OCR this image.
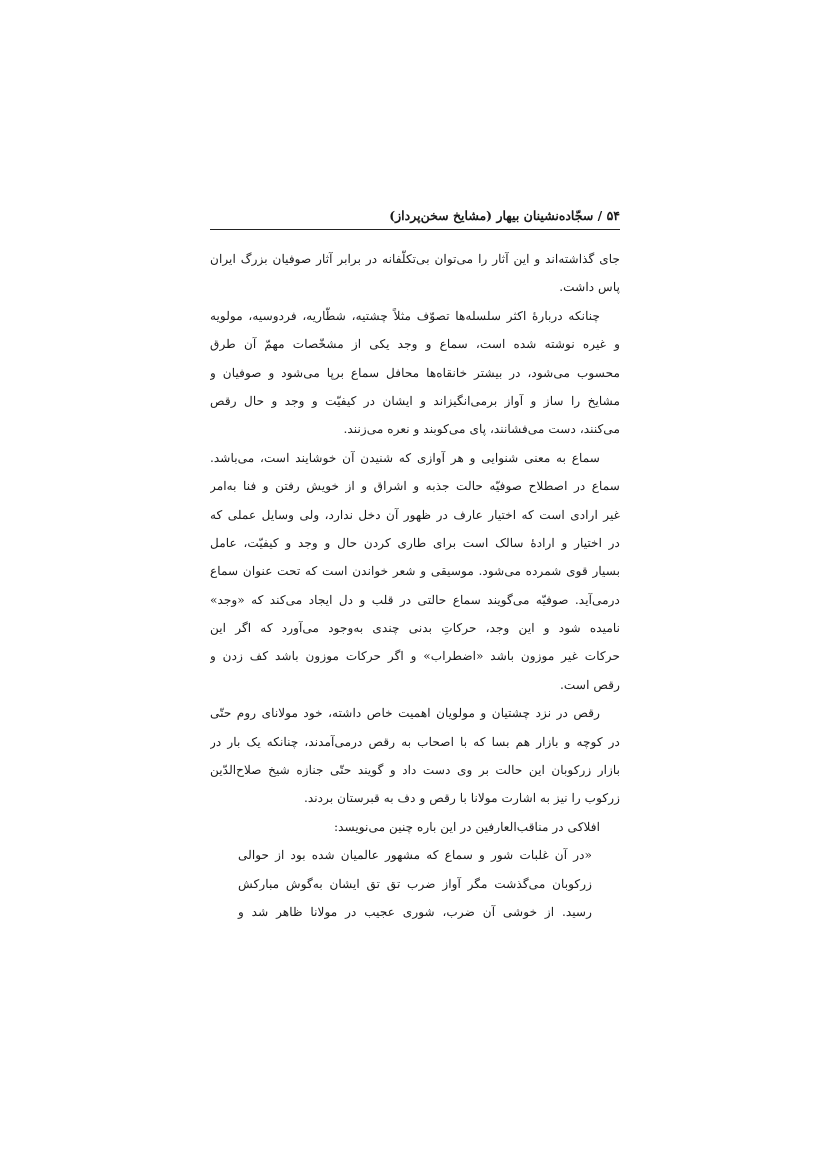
۵۴ / سجّاده‌نشینان بیهار (مشایخ سخن‌پرداز)
جای گذاشته‌اند و این آثار را می‌توان بی‌تکلّفانه در برابر آثار صوفیان بزرگ ایران
پاس داشت.
چنانکه دربارهٔ اکثر سلسله‌ها تصوّف مثلاً چشتیه، شطّاریه، فردوسیه، مولویه
و غیره نوشته شده است، سماع و وجد یکی از مشخّصات مهمّ آن طرق
محسوب می‌شود، در بیشتر خانقاه‌ها محافل سماع برپا می‌شود و صوفیان و
مشایخ را ساز و آواز برمی‌انگیزاند و ایشان در کیفیّت و وجد و حال رقص
می‌کنند، دست می‌فشانند، پای می‌کوبند و نعره می‌زنند.
سماع به معنی شنوایی و هر آوازی که شنیدن آن خوشایند است، می‌باشد.
سماع در اصطلاح صوفیّه حالت جذبه و اشراق و از خویش رفتن و فنا به‌امر
غیر ارادی است که اختیار عارف در ظهور آن دخل ندارد، ولی وسایل عملی که
در اختیار و ارادهٔ سالک است برای طاری کردن حال و وجد و کیفیّت، عامل
بسیار قوی شمرده می‌شود. موسیقی و شعر خواندن است که تحت عنوان سماع
درمی‌آید. صوفیّه می‌گویند سماع حالتی در قلب و دل ایجاد می‌کند که «وجد»
نامیده شود و این وجد، حرکاتِ بدنی چندی به‌وجود می‌آورد که اگر این
حرکات غیر موزون باشد «اضطراب» و اگر حرکات موزون باشد کف زدن و
رقص است.
رقص در نزد چشتیان و مولویان اهمیت خاص داشته، خود مولانای روم حتّی
در کوچه و بازار هم بسا که با اصحاب به رقص درمی‌آمدند، چنانکه یک بار در
بازار زرکوبان این حالت بر وی دست داد و گویند حتّی جنازه شیخ صلاح‌الدّین
زرکوب را نیز به اشارت مولانا با رقص و دف به قبرستان بردند.
افلاکی در مناقب‌العارفین در این باره چنین می‌نویسد:
«در آن غلبات شور و سماع که مشهور عالمیان شده بود از حوالی
زرکوبان می‌گذشت مگر آواز ضرب تق تق ایشان به‌گوش مبارکش
رسید. از خوشی آن ضرب، شوری عجیب در مولانا ظاهر شد و
